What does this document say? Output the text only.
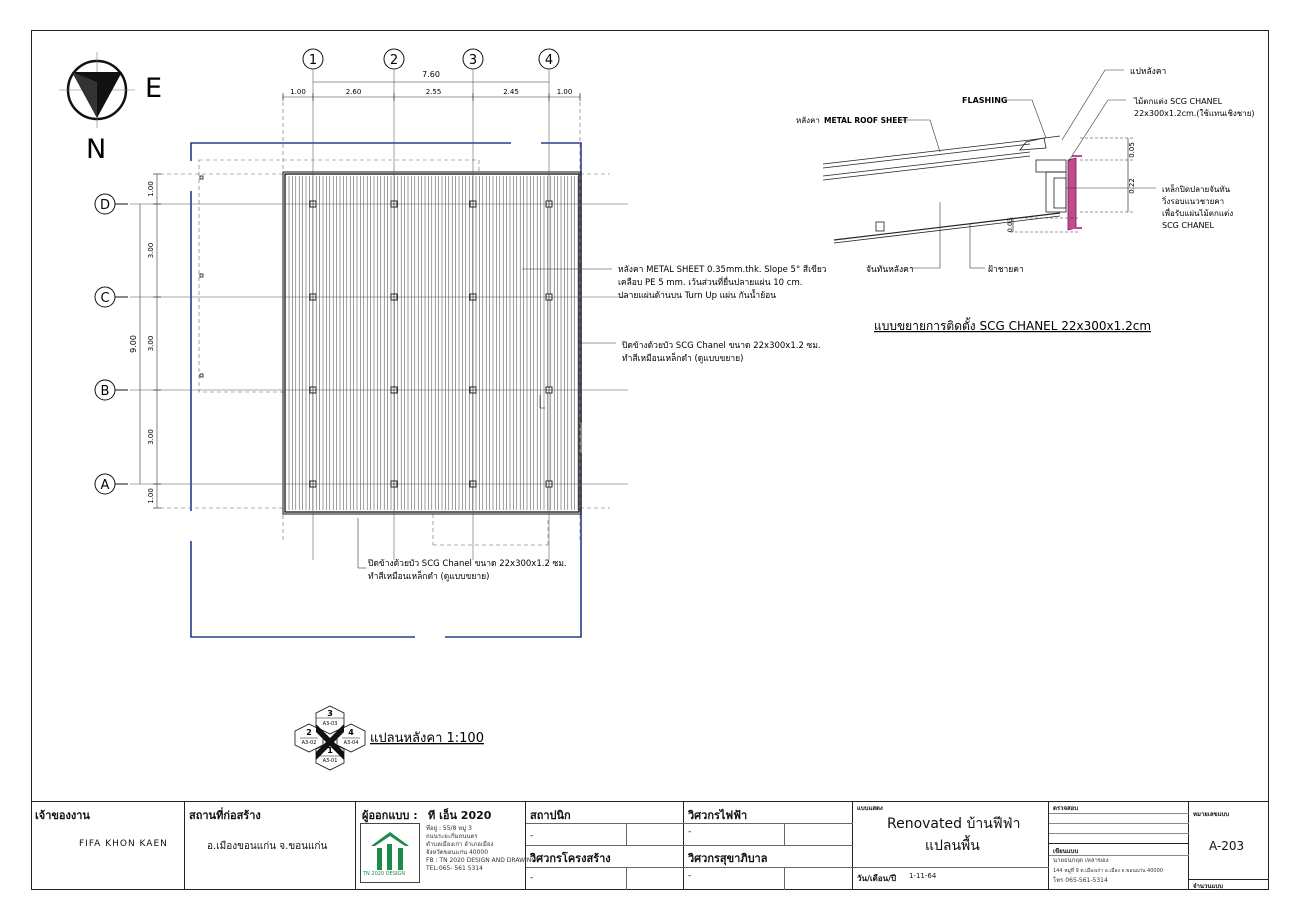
E
N
1	2	3	4
D
C
B
A
7.60
1.00	2.60	2.55	2.45	1.00
9.00
1.00
3.00
3.00
3.00
1.00
หลังคา METAL SHEET 0.35mm.thk. Slope 5° สีเขียว
เคลือบ PE 5 mm. เว้นส่วนที่ยื่นปลายแผ่น 10 cm.
ปลายแผ่นด้านบน Turn Up แผ่น กันน้ำย้อน
ปิดข้างด้วยบัว SCG Chanel ขนาด 22x300x1.2 ซม.
ทำสีเหมือนเหล็กดำ (ดูแบบขยาย)
ปิดข้างด้วยบัว SCG Chanel ขนาด 22x300x1.2 ซม.
ทำสีเหมือนเหล็กดำ (ดูแบบขยาย)
แปหลังคา
FLASHING	ไม้ตกแต่ง SCG CHANEL
22x300x1.2cm.(ใช้แทนเชิงชาย)
หลังคา METAL ROOF SHEET
0.05
0.22
0.03
เหล็กปิดปลายจันทัน
วิ่งรอบแนวชายคา
เพื่อรับแผ่นไม้ตกแต่ง
SCG CHANEL
จันทันหลังคา	ฝ้าชายคา
แบบขยายการติดตั้ง SCG CHANEL 22x300x1.2cm
3
A3-03
2
A3-02
4
A3-04
1
A3-01
แปลนหลังคา 1:100
เจ้าของงาน
FIFA KHON KAEN
สถานที่ก่อสร้าง
อ.เมืองขอนแก่น จ.ขอนแก่น
ผู้ออกแบบ : ที เอ็น 2020
TN 2020 DESIGN
ที่อยู่ : 55/8 หมู่ 3
ถนนระยะกิ่มถนนตร
ตำบลเมืองเก่า อำเภอเมือง
จังหวัดขอนแก่น 40000
FB : TN 2020 DESIGN AND DRAWING
TEL:065- 561 5314
สถาปนิก
-
วิศวกรโครงสร้าง
-
วิศวกรไฟฟ้า
-
วิศวกรสุขาภิบาล
-
แบบแสดง
Renovated บ้านฟีฟ่า
แปลนพื้น
วัน/เดือน/ปี 1-11-64
ตรวจสอบ
เขียนแบบ
นายธนกฤต เหลาของ
144 หมู่ที่ 9 ต.เมืองเก่า อ.เมือง จ.ขอนแก่น 40000
โทร 065-561-5314
หมายเลขแบบ
A-203
จำนวนแบบ
